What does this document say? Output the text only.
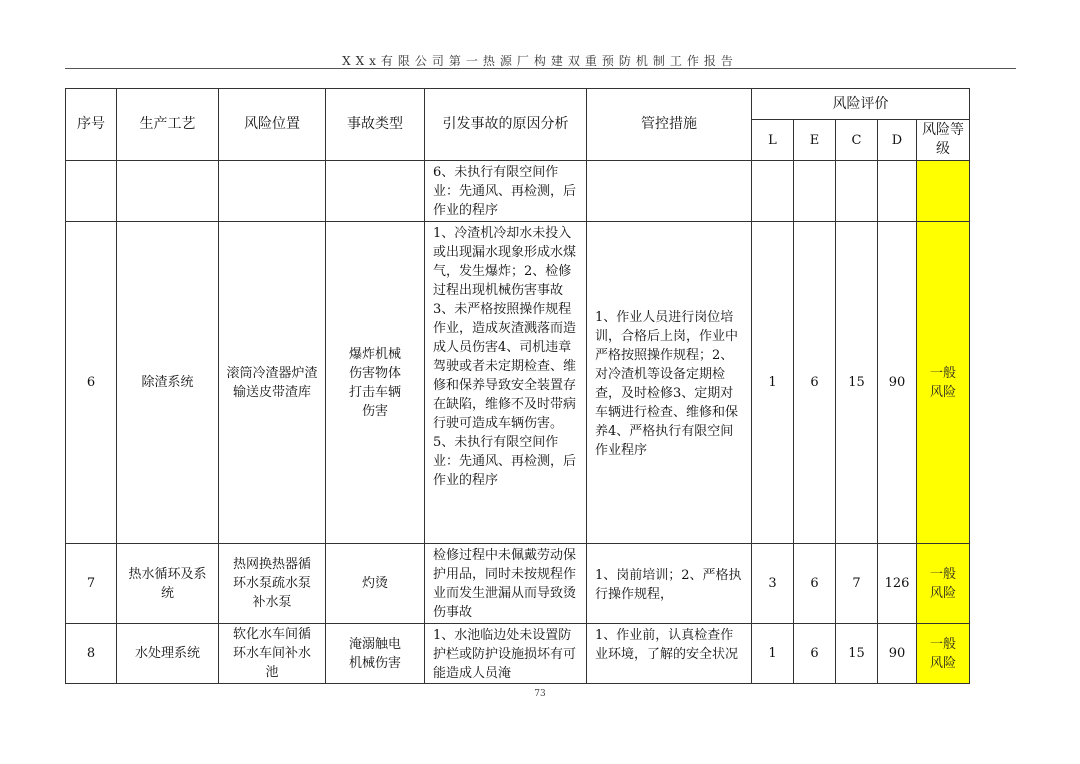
XXx有限公司第一热源厂构建双重预防机制工作报告
序号	生产工艺	风险位置	事故类型	引发事故的原因分析	管控措施	风险评价				
						L	E	C	D	风险等级
				6、未执行有限空间作业：先通风、再检测，后作业的程序						
6	除渣系统	滚筒冷渣器炉渣输送皮带渣库	爆炸机械伤害物体打击车辆伤害	1、冷渣机冷却水未投入或出现漏水现象形成水煤气，发生爆炸；2、检修过程出现机械伤害事故3、未严格按照操作规程作业，造成灰渣溅落而造成人员伤害4、司机违章驾驶或者未定期检查、维修和保养导致安全装置存在缺陷，维修不及时带病行驶可造成车辆伤害。5、未执行有限空间作业：先通风、再检测，后作业的程序	1、作业人员进行岗位培训，合格后上岗，作业中严格按照操作规程；2、对冷渣机等设备定期检查，及时检修3、定期对车辆进行检查、维修和保养4、严格执行有限空间作业程序	1	6	15	90	一般风险
7	热水循环及系统	热网换热器循环水泵疏水泵补水泵	灼烫	检修过程中未佩戴劳动保护用品，同时未按规程作业而发生泄漏从而导致烫伤事故	1、岗前培训；2、严格执行操作规程，	3	6	7	126	一般风险
8	水处理系统	软化水车间循环水车间补水池	淹溺触电机械伤害	1、水池临边处未设置防护栏或防护设施损坏有可能造成人员淹	1、作业前，认真检查作业环境，了解的安全状况	1	6	15	90	一般风险
73
